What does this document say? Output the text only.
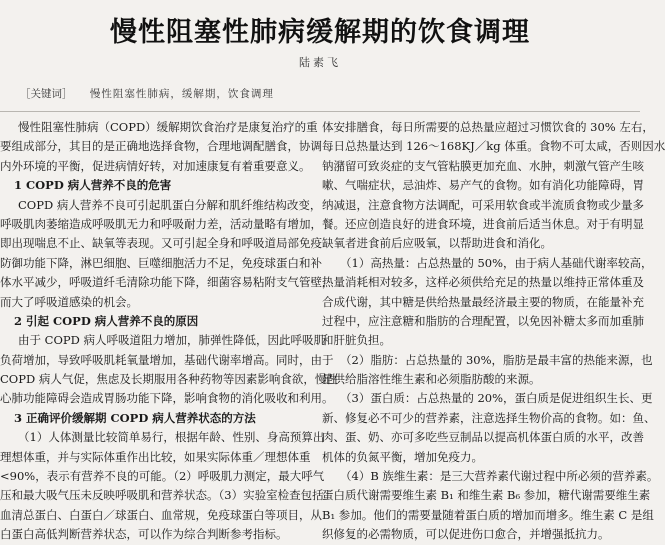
慢性阻塞性肺病缓解期的饮食调理
陆素飞
［关键词］ 慢性阻塞性肺病，缓解期，饮食调理
慢性阻塞性肺病（COPD）缓解期饮食治疗是康复治疗的重
要组成部分，其目的是正确地选择食物，合理地调配膳食，协调
内外环境的平衡，促进病情好转，对加速康复有着重要意义。
1 COPD 病人营养不良的危害
COPD 病人营养不良可引起肌蛋白分解和肌纤维结构改变，
呼吸肌肉萎缩造成呼吸肌无力和呼吸耐力差，活动量略有增加，
即出现喘息不止、缺氧等表现。又可引起全身和呼吸道局部免疫
防御功能下降，淋巴细胞、巨噬细胞活力不足，免疫球蛋白和补
体水平减少，呼吸道纤毛清除功能下降，细菌容易粘附支气管壁，
而大了呼吸道感染的机会。
2 引起 COPD 病人营养不良的原因
由于 COPD 病人呼吸道阻力增加，肺弹性降低，因此呼吸肌
负荷增加，导致呼吸肌耗氧量增加，基础代谢率增高。同时，由于
COPD 病人气促，焦虑及长期服用各种药物等因素影响食欲，慢性
心肺功能障碍会造成胃肠功能下降，影响食物的消化吸收和利用。
3 正确评价缓解期 COPD 病人营养状态的方法
（1）人体测量比较简单易行，根据年龄、性别、身高预算出
理想体重，并与实际体重作出比较，如果实际体重／理想体重
<90%，表示有营养不良的可能。（2）呼吸肌力测定，最大呼气
压和最大吸气压未反映呼吸肌和营养状态。（3）实验室检查包括
血清总蛋白、白蛋白／球蛋白、血常规，免疫球蛋白等项目，从
白蛋白高低判断营养状态，可以作为综合判断参考指标。
体安排膳食，每日所需要的总热量应超过习惯饮食的 30% 左右，
每日总热量达到 126～168KJ／kg 体重。食物不可太咸，否则因水
钠潴留可致炎症的支气管粘膜更加充血、水肿，刺激气管产生咳
嗽、气喘症状，忌油炸、易产气的食物。如有消化功能障碍，胃
纳减退，注意食物方法调配，可采用软食或半流质食物或少量多
餐。还应创造良好的进食环境，进食前后适当休息。对于有明显
缺氧者进食前后应吸氧，以帮助进食和消化。
（1）高热量：占总热量的 50%，由于病人基础代谢率较高，
热量消耗相对较多，这样必须供给充足的热量以维持正常体重及
合成代谢，其中糖是供给热量最经济最主要的物质，在能量补充
过程中，应注意糖和脂肪的合理配置，以免因补糖太多而加重肺
和肝脏负担。
（2）脂肪：占总热量的 30%，脂肪是最丰富的热能来源，也
是供给脂溶性维生素和必须脂肪酸的来源。
（3）蛋白质：占总热量的 20%，蛋白质是促进组织生长、更
新、修复必不可少的营养素，注意选择生物价高的食物。如：鱼、
肉、蛋、奶、亦可多吃些豆制品以提高机体蛋白质的水平，改善
机体的负氮平衡，增加免疫力。
（4）B 族维生素：是三大营养素代谢过程中所必须的营养素。
蛋白质代谢需要维生素 B₁ 和维生素 B₆ 参加，糖代谢需要维生素
B₁ 参加。他们的需要量随着蛋白质的增加而增多。维生素 C 是组
织修复的必需物质，可以促进伤口愈合，并增强抵抗力。
